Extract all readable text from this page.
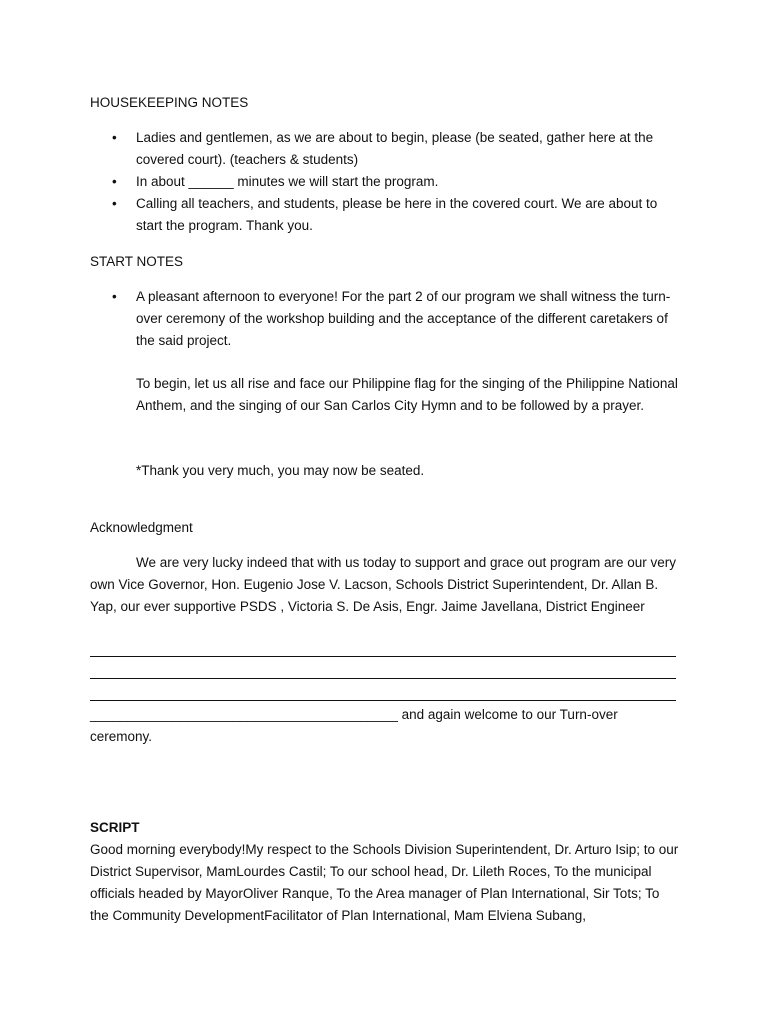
HOUSEKEEPING NOTES
• Ladies and gentlemen, as we are about to begin, please (be seated, gather here at the covered court). (teachers & students)
• In about ______ minutes we will start the program.
• Calling all teachers, and students, please be here in the covered court. We are about to start the program. Thank you.
START NOTES
• A pleasant afternoon to everyone! For the part 2 of our program we shall witness the turn-over ceremony of the workshop building and the acceptance of the different caretakers of the said project.
To begin, let us all rise and face our Philippine flag for the singing of the Philippine National Anthem, and the singing of our San Carlos City Hymn and to be followed by a prayer.
*Thank you very much, you may now be seated.
Acknowledgment
We are very lucky indeed that with us today to support and grace out program are our very own Vice Governor, Hon. Eugenio Jose V. Lacson, Schools District Superintendent, Dr. Allan B. Yap, our ever supportive PSDS , Victoria S. De Asis, Engr. Jaime Javellana, District Engineer
_________________________________________ and again welcome to our Turn-over ceremony.
SCRIPT
Good morning everybody!My respect to the Schools Division Superintendent, Dr. Arturo Isip; to our District Supervisor, MamLourdes Castil; To our school head, Dr. Lileth Roces, To the municipal officials headed by MayorOliver Ranque, To the Area manager of Plan International, Sir Tots; To the Community DevelopmentFacilitator of Plan International, Mam Elviena Subang,
